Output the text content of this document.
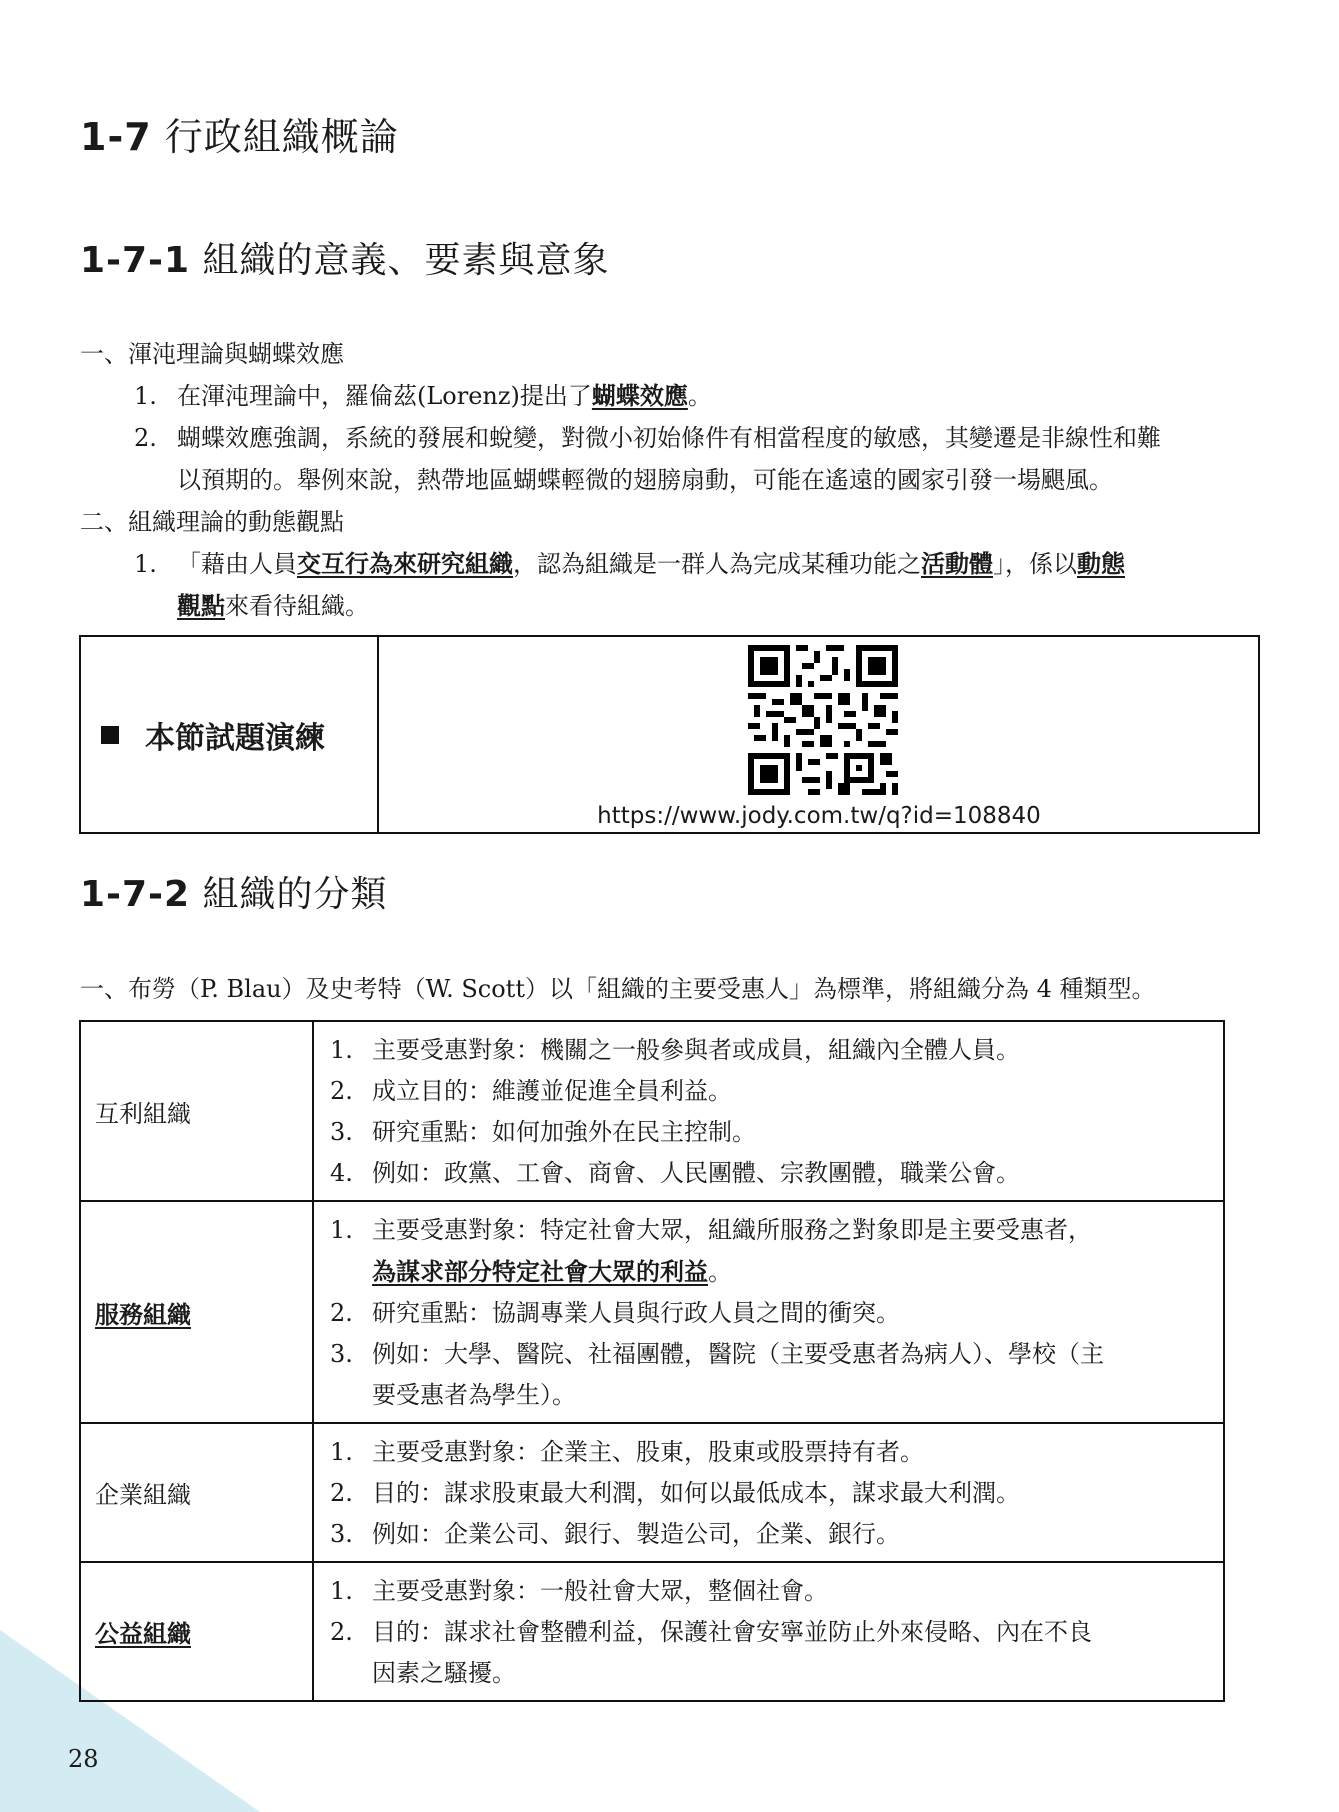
1-7 行政組織概論
1-7-1 組織的意義、要素與意象
一、渾沌理論與蝴蝶效應
1. 在渾沌理論中，羅倫茲(Lorenz)提出了蝴蝶效應。
2. 蝴蝶效應強調，系統的發展和蛻變，對微小初始條件有相當程度的敏感，其變遷是非線性和難
以預期的。舉例來說，熱帶地區蝴蝶輕微的翅膀扇動，可能在遙遠的國家引發一場颶風。
二、組織理論的動態觀點
1. 「藉由人員交互行為來研究組織，認為組織是一群人為完成某種功能之活動體」，係以動態
觀點來看待組織。
本節試題演練
https://www.jody.com.tw/q?id=108840
1-7-2 組織的分類
一、布勞（P. Blau）及史考特（W. Scott）以「組織的主要受惠人」為標準，將組織分為 4 種類型。
互利組織
1. 主要受惠對象：機關之一般參與者或成員，組織內全體人員。
2. 成立目的：維護並促進全員利益。
3. 研究重點：如何加強外在民主控制。
4. 例如：政黨、工會、商會、人民團體、宗教團體，職業公會。
服務組織
1. 主要受惠對象：特定社會大眾，組織所服務之對象即是主要受惠者，
為謀求部分特定社會大眾的利益。
2. 研究重點：協調專業人員與行政人員之間的衝突。
3. 例如：大學、醫院、社福團體，醫院（主要受惠者為病人）、學校（主
要受惠者為學生）。
企業組織
1. 主要受惠對象：企業主、股東，股東或股票持有者。
2. 目的：謀求股東最大利潤，如何以最低成本，謀求最大利潤。
3. 例如：企業公司、銀行、製造公司，企業、銀行。
公益組織
1. 主要受惠對象：一般社會大眾，整個社會。
2. 目的：謀求社會整體利益，保護社會安寧並防止外來侵略、內在不良
因素之騷擾。
28
